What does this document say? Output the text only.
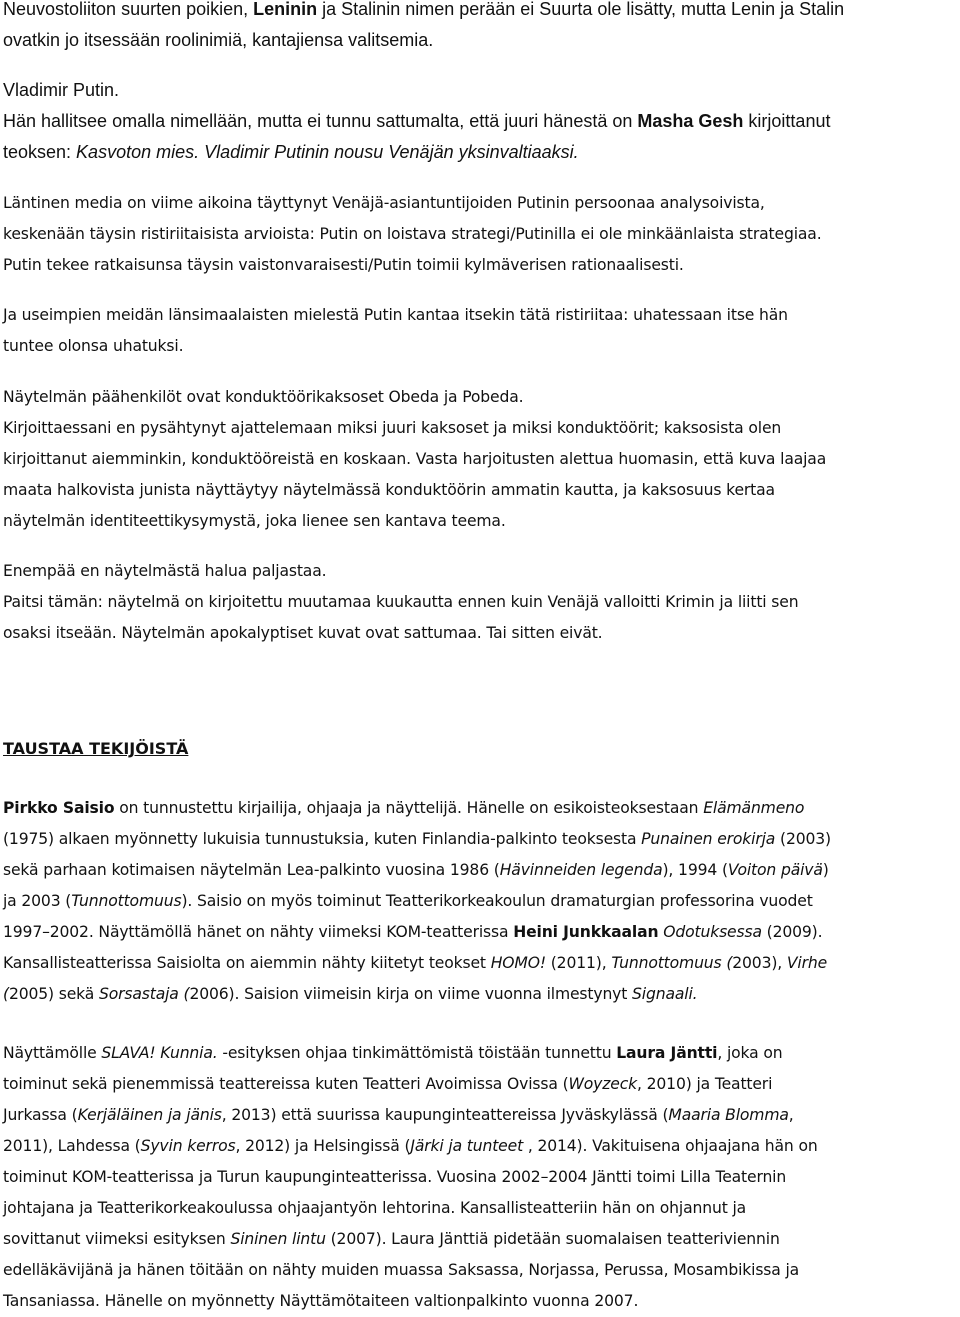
Neuvostoliiton suurten poikien, Leninin ja Stalinin nimen perään ei Suurta ole lisätty, mutta Lenin ja Stalin
ovatkin jo itsessään roolinimiä, kantajiensa valitsemia.
Vladimir Putin.
Hän hallitsee omalla nimellään, mutta ei tunnu sattumalta, että juuri hänestä on Masha Gesh kirjoittanut
teoksen: Kasvoton mies. Vladimir Putinin nousu Venäjän yksinvaltiaaksi.
Läntinen media on viime aikoina täyttynyt Venäjä-asiantuntijoiden Putinin persoonaa analysoivista,
keskenään täysin ristiriitaisista arvioista: Putin on loistava strategi/Putinilla ei ole minkäänlaista strategiaa.
Putin tekee ratkaisunsa täysin vaistonvaraisesti/Putin toimii kylmäverisen rationaalisesti.
Ja useimpien meidän länsimaalaisten mielestä Putin kantaa itsekin tätä ristiriitaa: uhatessaan itse hän
tuntee olonsa uhatuksi.
Näytelmän päähenkilöt ovat konduktöörikaksoset Obeda ja Pobeda.
Kirjoittaessani en pysähtynyt ajattelemaan miksi juuri kaksoset ja miksi konduktöörit; kaksosista olen
kirjoittanut aiemminkin, konduktööreistä en koskaan. Vasta harjoitusten alettua huomasin, että kuva laajaa
maata halkovista junista näyttäytyy näytelmässä konduktöörin ammatin kautta, ja kaksosuus kertaa
näytelmän identiteettikysymystä, joka lienee sen kantava teema.
Enempää en näytelmästä halua paljastaa.
Paitsi tämän: näytelmä on kirjoitettu muutamaa kuukautta ennen kuin Venäjä valloitti Krimin ja liitti sen
osaksi itseään. Näytelmän apokalyptiset kuvat ovat sattumaa. Tai sitten eivät.
TAUSTAA TEKIJÖISTÄ
Pirkko Saisio on tunnustettu kirjailija, ohjaaja ja näyttelijä. Hänelle on esikoisteoksestaan Elämänmeno
(1975) alkaen myönnetty lukuisia tunnustuksia, kuten Finlandia-palkinto teoksesta Punainen erokirja (2003)
sekä parhaan kotimaisen näytelmän Lea-palkinto vuosina 1986 (Hävinneiden legenda), 1994 (Voiton päivä)
ja 2003 (Tunnottomuus). Saisio on myös toiminut Teatterikorkeakoulun dramaturgian professorina vuodet
1997–2002. Näyttämöllä hänet on nähty viimeksi KOM-teatterissa Heini Junkkaalan Odotuksessa (2009).
Kansallisteatterissa Saisiolta on aiemmin nähty kiitetyt teokset HOMO! (2011), Tunnottomuus (2003), Virhe
(2005) sekä Sorsastaja (2006). Saision viimeisin kirja on viime vuonna ilmestynyt Signaali.
Näyttämölle SLAVA! Kunnia. -esityksen ohjaa tinkimättömistä töistään tunnettu Laura Jäntti, joka on
toiminut sekä pienemmissä teattereissa kuten Teatteri Avoimissa Ovissa (Woyzeck, 2010) ja Teatteri
Jurkassa (Kerjäläinen ja jänis, 2013) että suurissa kaupunginteattereissa Jyväskylässä (Maaria Blomma,
2011), Lahdessa (Syvin kerros, 2012) ja Helsingissä (Järki ja tunteet , 2014). Vakituisena ohjaajana hän on
toiminut KOM-teatterissa ja Turun kaupunginteatterissa. Vuosina 2002–2004 Jäntti toimi Lilla Teaternin
johtajana ja Teatterikorkeakoulussa ohjaajantyön lehtorina. Kansallisteatteriin hän on ohjannut ja
sovittanut viimeksi esityksen Sininen lintu (2007). Laura Jänttiä pidetään suomalaisen teatteriviennin
edelläkävijänä ja hänen töitään on nähty muiden muassa Saksassa, Norjassa, Perussa, Mosambikissa ja
Tansaniassa. Hänelle on myönnetty Näyttämötaiteen valtionpalkinto vuonna 2007.
